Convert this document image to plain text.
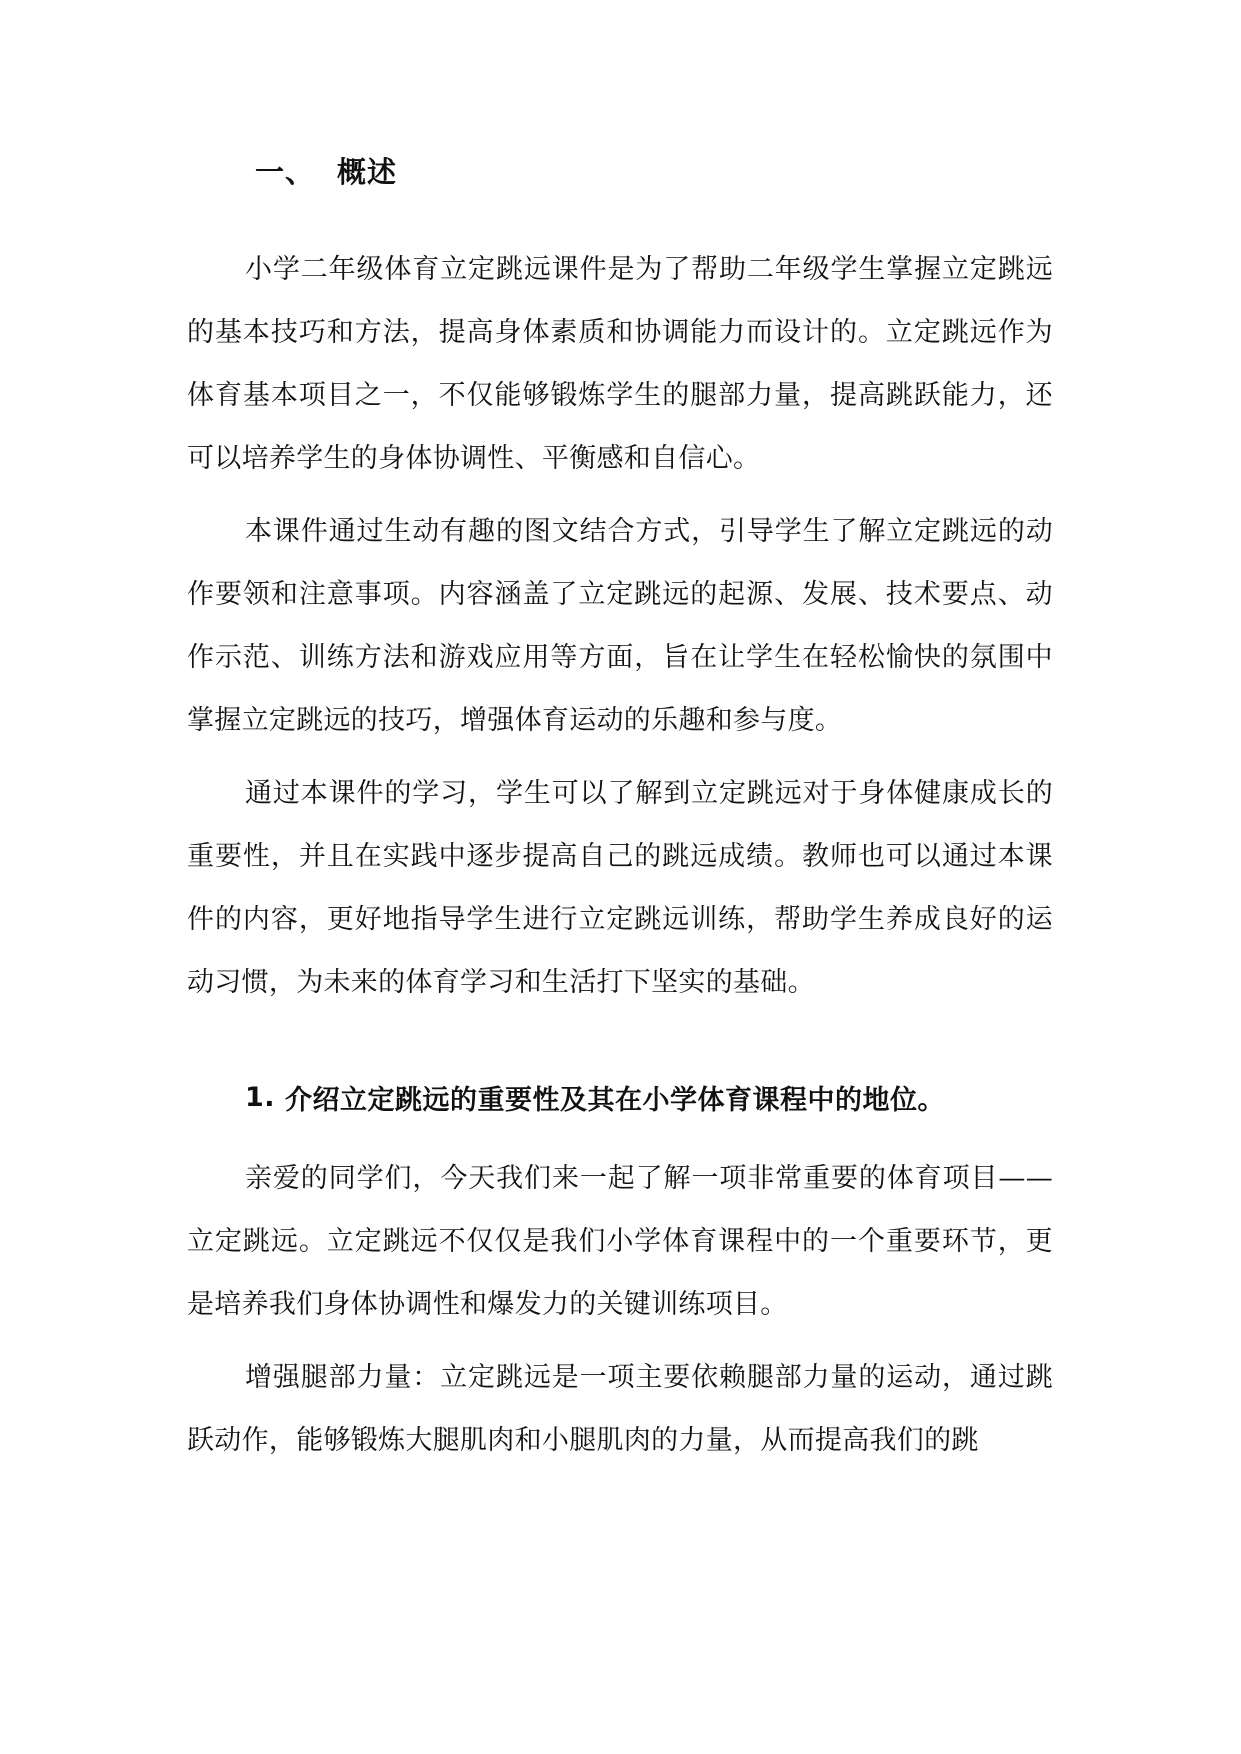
一、 概述

小学二年级体育立定跳远课件是为了帮助二年级学生掌握立定跳远的基本技巧和方法，提高身体素质和协调能力而设计的。立定跳远作为体育基本项目之一，不仅能够锻炼学生的腿部力量，提高跳跃能力，还可以培养学生的身体协调性、平衡感和自信心。

本课件通过生动有趣的图文结合方式，引导学生了解立定跳远的动作要领和注意事项。内容涵盖了立定跳远的起源、发展、技术要点、动作示范、训练方法和游戏应用等方面，旨在让学生在轻松愉快的氛围中掌握立定跳远的技巧，增强体育运动的乐趣和参与度。

通过本课件的学习，学生可以了解到立定跳远对于身体健康成长的重要性，并且在实践中逐步提高自己的跳远成绩。教师也可以通过本课件的内容，更好地指导学生进行立定跳远训练，帮助学生养成良好的运动习惯，为未来的体育学习和生活打下坚实的基础。

1. 介绍立定跳远的重要性及其在小学体育课程中的地位。

亲爱的同学们，今天我们来一起了解一项非常重要的体育项目——立定跳远。立定跳远不仅仅是我们小学体育课程中的一个重要环节，更是培养我们身体协调性和爆发力的关键训练项目。

增强腿部力量：立定跳远是一项主要依赖腿部力量的运动，通过跳跃动作，能够锻炼大腿肌肉和小腿肌肉的力量，从而提高我们的跳
